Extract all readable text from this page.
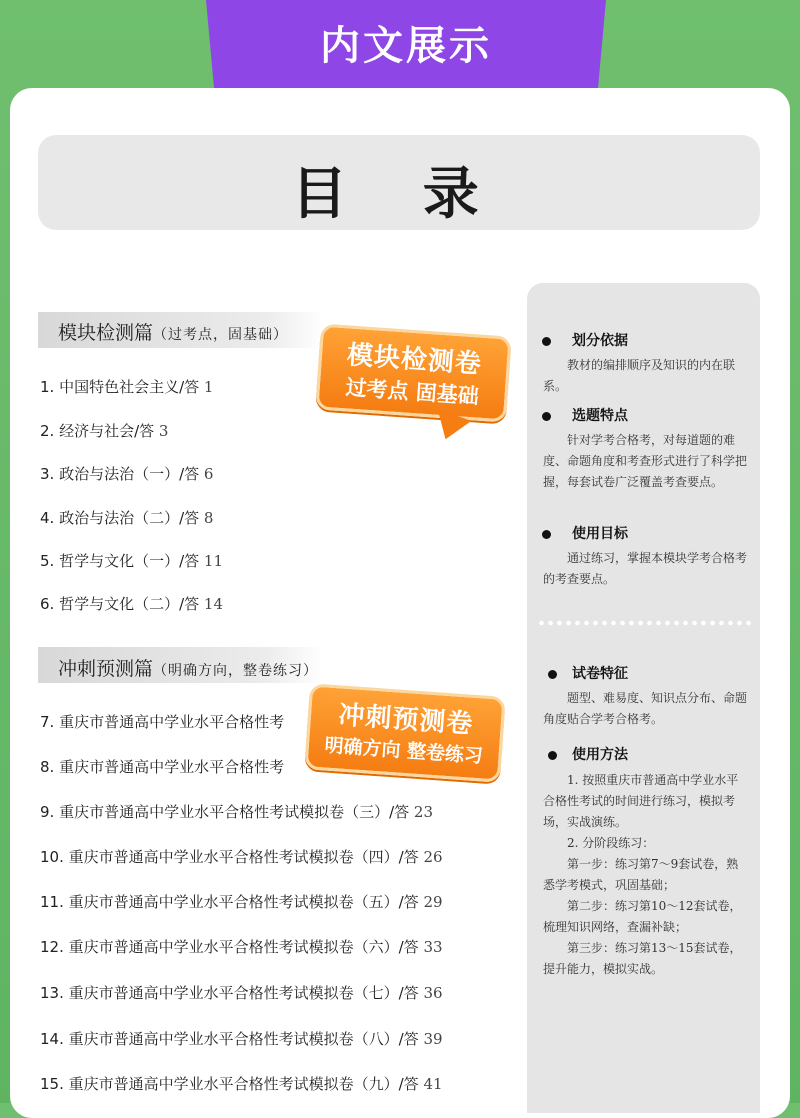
内文展示
目 录
模块检测篇（过考点，固基础）
1. 中国特色社会主义/答 1
2. 经济与社会/答 3
3. 政治与法治（一）/答 6
4. 政治与法治（二）/答 8
5. 哲学与文化（一）/答 11
6. 哲学与文化（二）/答 14
冲刺预测篇（明确方向，整卷练习）
7. 重庆市普通高中学业水平合格性考
8. 重庆市普通高中学业水平合格性考
9. 重庆市普通高中学业水平合格性考试模拟卷（三）/答 23
10. 重庆市普通高中学业水平合格性考试模拟卷（四）/答 26
11. 重庆市普通高中学业水平合格性考试模拟卷（五）/答 29
12. 重庆市普通高中学业水平合格性考试模拟卷（六）/答 33
13. 重庆市普通高中学业水平合格性考试模拟卷（七）/答 36
14. 重庆市普通高中学业水平合格性考试模拟卷（八）/答 39
15. 重庆市普通高中学业水平合格性考试模拟卷（九）/答 41
模块检测卷
过考点 固基础
冲刺预测卷
明确方向 整卷练习
划分依据

教材的编排顺序及知识的内在联系。

选题特点

针对学考合格考，对每道题的难度、命题角度和考查形式进行了科学把握，每套试卷广泛覆盖考查要点。

使用目标

通过练习，掌握本模块学考合格考的考查要点。

试卷特征

题型、难易度、知识点分布、命题角度贴合学考合格考。

使用方法

1. 按照重庆市普通高中学业水平合格性考试的时间进行练习，模拟考场，实战演练。

2. 分阶段练习：

第一步：练习第7～9套试卷，熟悉学考模式，巩固基础；

第二步：练习第10～12套试卷，梳理知识网络，查漏补缺；

第三步：练习第13～15套试卷，提升能力，模拟实战。
